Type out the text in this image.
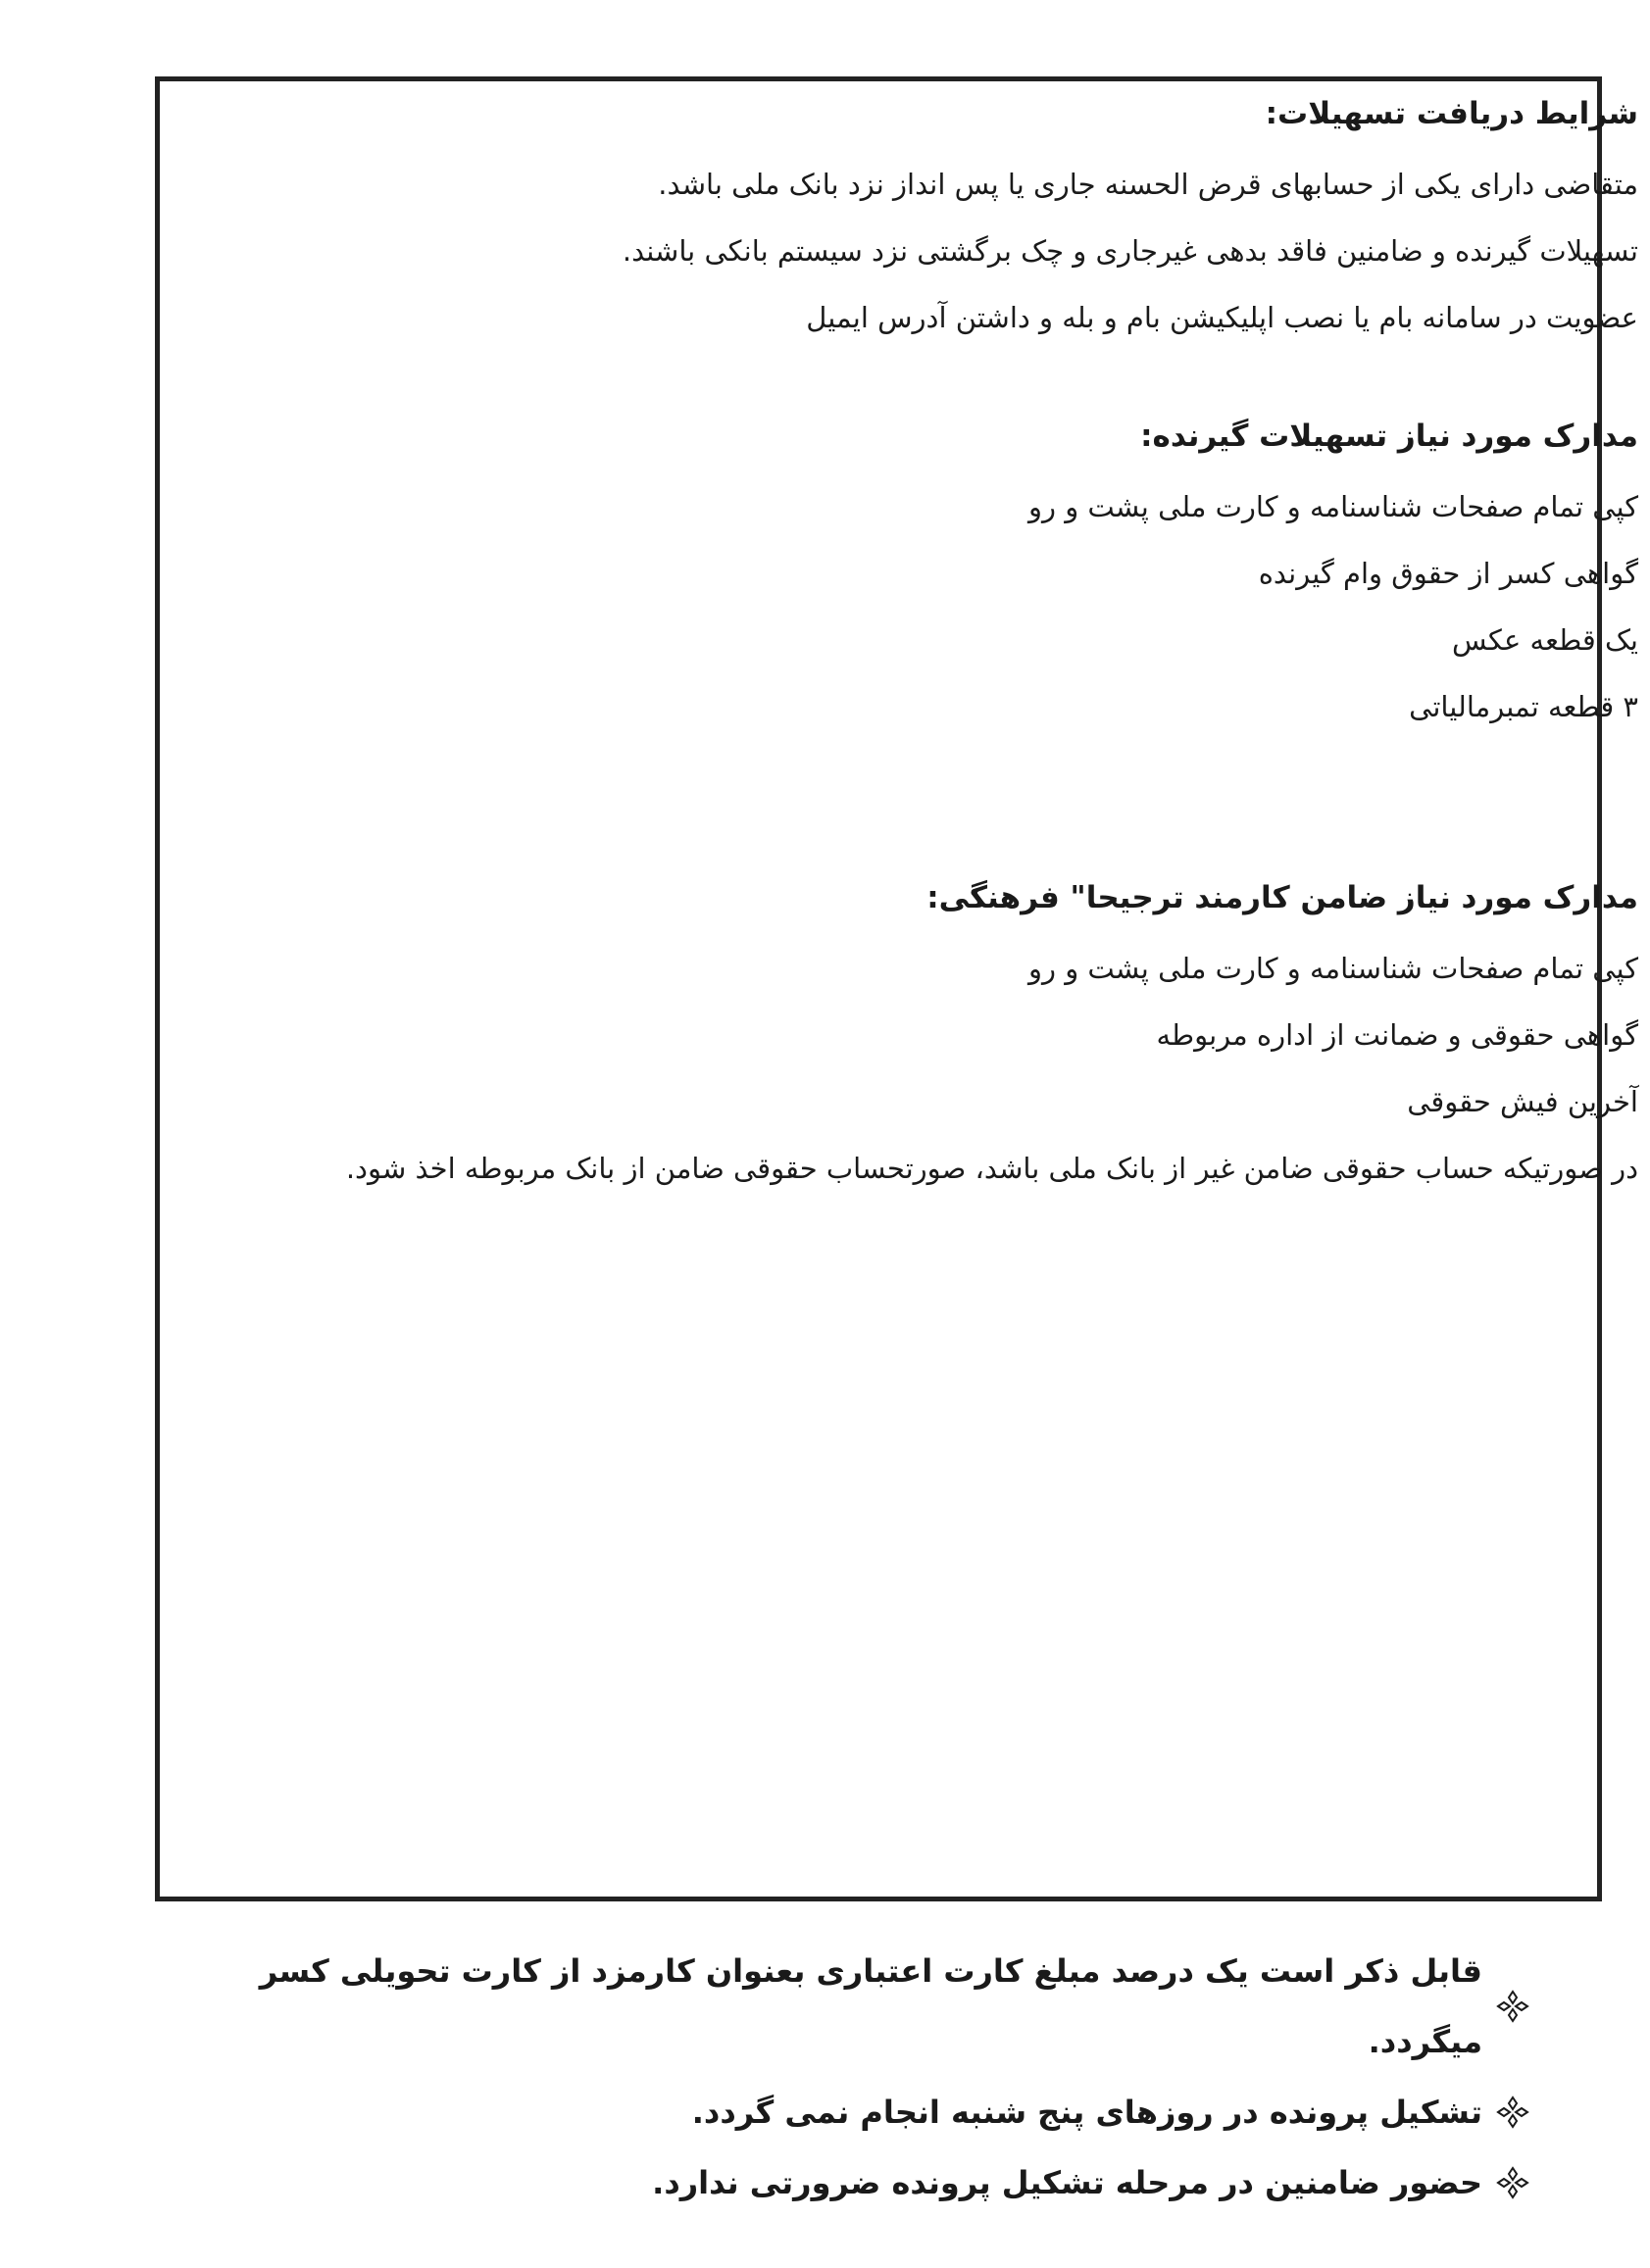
شرایط دریافت تسهیلات:

متقاضی دارای یکی از حسابهای قرض الحسنه جاری یا پس انداز نزد بانک ملی باشد.

تسهیلات گیرنده و ضامنین فاقد بدهی غیرجاری و چک برگشتی نزد سیستم بانکی باشند.

عضویت در سامانه بام یا نصب اپلیکیشن بام و بله و داشتن آدرس ایمیل

مدارک مورد نیاز تسهیلات گیرنده:

کپی تمام صفحات شناسنامه و کارت ملی پشت و رو

گواهی کسر از حقوق وام گیرنده

یک قطعه عکس

۳ قطعه تمبرمالیاتی

مدارک مورد نیاز ضامن کارمند ترجیحا" فرهنگی:

کپی تمام صفحات شناسنامه و کارت ملی پشت و رو

گواهی حقوقی و ضمانت از اداره مربوطه

آخرین فیش حقوقی

در صورتیکه حساب حقوقی ضامن غیر از بانک ملی باشد، صورتحساب حقوقی ضامن از بانک مربوطه اخذ شود.

قابل ذکر است یک درصد مبلغ کارت اعتباری بعنوان کارمزد از کارت تحویلی کسر میگردد.
تشکیل پرونده در روزهای پنج شنبه انجام نمی گردد.
حضور ضامنین در مرحله تشکیل پرونده ضرورتی ندارد.
